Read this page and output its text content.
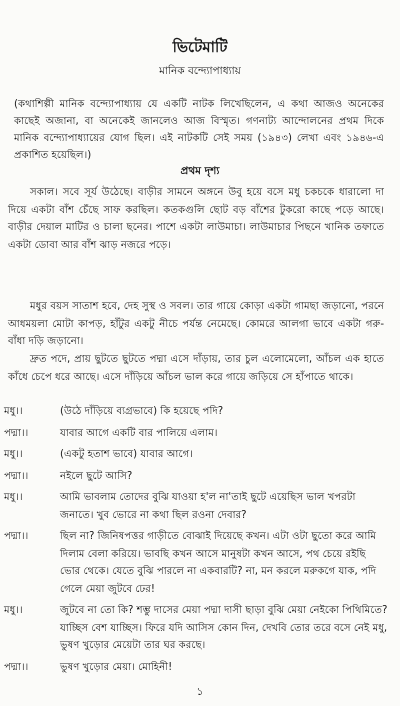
ভিটেমাটি
মানিক বন্দ্যোপাধ্যায়
(কথাশিল্পী মানিক বন্দ্যোপাধ্যায় যে একটি নাটক লিখেছিলেন, এ কথা আজও অনেকের কাছেই অজানা, বা অনেকেই জানলেও আজ বিস্মৃত। গণনাট্য আন্দোলনের প্রথম দিকে মানিক বন্দ্যোপাধ্যায়ের যোগ ছিল। এই নাটকটি সেই সময় (১৯৪৩) লেখা এবং ১৯৪৬-এ প্রকাশিত হয়েছিল।)
প্রথম দৃশ্য
সকাল। সবে সূর্য উঠেছে। বাড়ীর সামনে অঙ্গনে উবু হয়ে বসে মধু চকচকে ধারালো দা দিয়ে একটা বাঁশ চেঁছে সাফ করছিল। কতকগুলি ছোট বড় বাঁশের টুকরো কাছে পড়ে আছে। বাড়ীর দেয়াল মাটির ও চালা ছনের। পাশে একটা লাউমাচা। লাউমাচার পিছনে খানিক তফাতে একটা ডোবা আর বাঁশ ঝাড় নজরে পড়ে।
মধুর বয়স সাতাশ হবে, দেহ সুস্থ ও সবল। তার গায়ে কোড়া একটা গামছা জড়ানো, পরনে আধময়লা মোটা কাপড়, হাঁটুর একটু নীচে পর্যন্ত নেমেছে। কোমরে আলগা ভাবে একটা গরু-বাঁধা দড়ি জড়ানো।
দ্রুত পদে, প্রায় ছুটতে ছুটতে পদ্মা এসে দাঁড়ায়, তার চুল এলোমেলো, আঁচল এক হাতে কাঁধে চেপে ধরে আছে। এসে দাঁড়িয়ে আঁচল ভাল করে গায়ে জড়িয়ে সে হাঁপাতে থাকে।
মধু।।	(উঠে দাঁড়িয়ে ব্যগ্রভাবে) কি হয়েছে পদি?
পদ্মা।।	যাবার আগে একটি বার পালিয়ে এলাম।
মধু।।	(একটু হতাশ ভাবে) যাবার আগে।
পদ্মা।।	নইলে ছুটে আসি?
মধু।।	আমি ভাবলাম তোদের বুঝি যাওয়া হ'ল না'তাই ছুটে এয়েছিস ভাল খপরটা জনাতে। খুব ভোরে না কথা ছিল রওনা দেবার?
পদ্মা।।	ছিল না? জিনিষপত্তর গাড়ীতে বোঝাই দিয়েছে কখন। এটা ওটা ছুতো করে আমি দিলাম বেলা করিয়ে। ভাবছি কখন আসে মানুষটা কখন আসে, পথ চেয়ে রইছি ভোর থেকে। যেতে বুঝি পারলে না একবারটি? না, মন করলে মরুকগে যাক, পদি গেলে মেয়া জুটবে ঢের!
মধু।।	জুটবে না তো কি? শম্ভু দাসের মেয়া পদ্মা দাসী ছাড়া বুঝি মেয়া নেইকো পিথিমিতে? যাচ্ছিস বেশ যাচ্ছিস। ফিরে যদি আসিস কোন দিন, দেখবি তোর তরে বসে নেই মধু, ভুষণ খুড়োর মেয়েটা তার ঘর করছে।
পদ্মা।।	ভুষণ খুড়োর মেয়া। মোহিনী!
১
